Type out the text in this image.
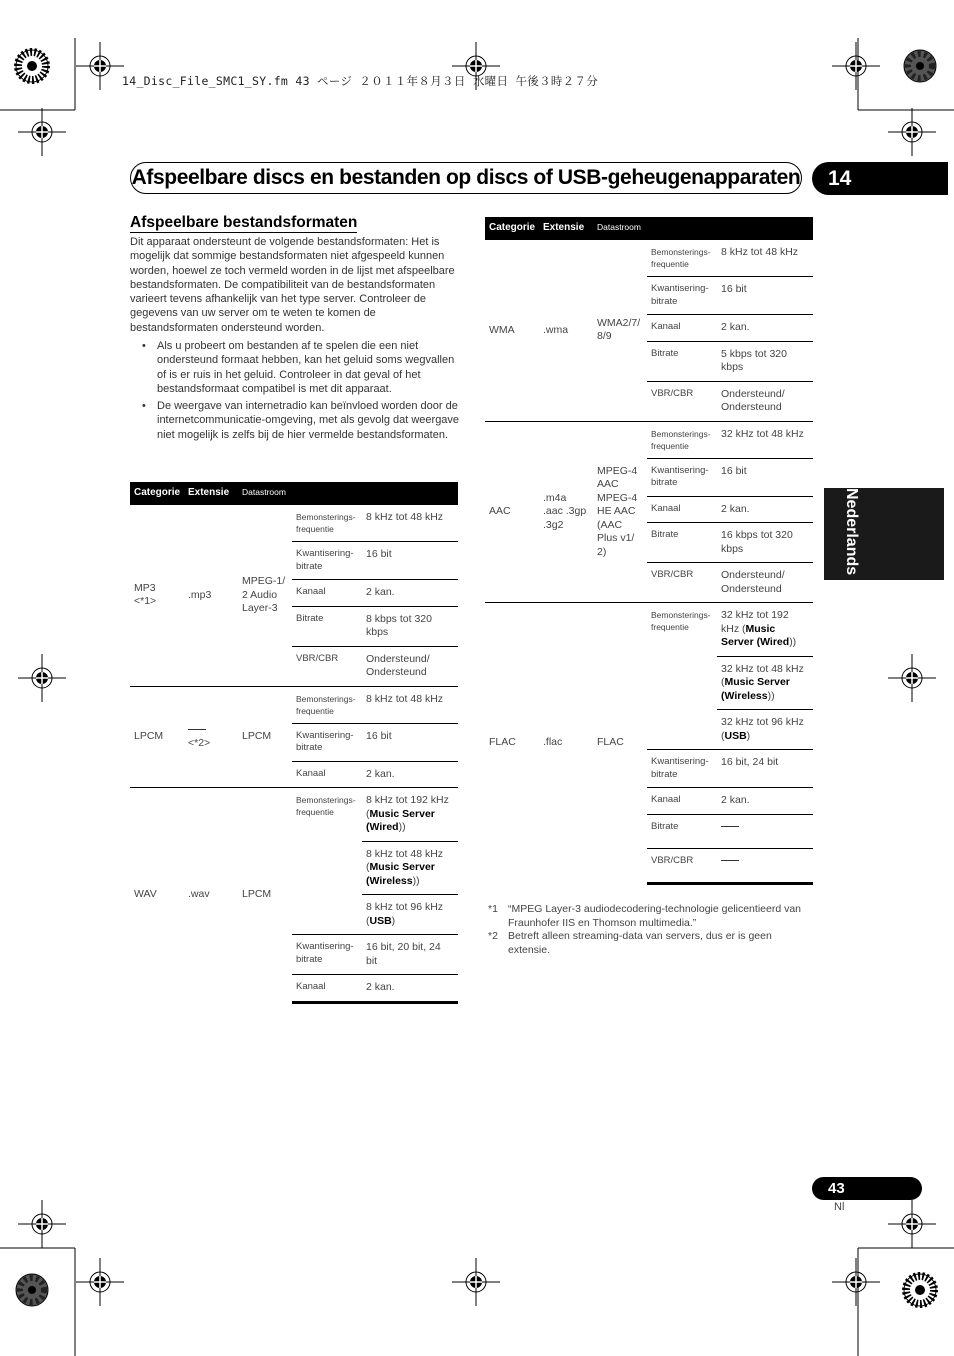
14_Disc_File_SMC1_SY.fm 43 ページ ２０１１年８月３日 水曜日 午後３時２７分
Afspeelbare discs en bestanden op discs of USB-geheugenapparaten	14
Nederlands
Afspeelbare bestandsformaten
Dit apparaat ondersteunt de volgende bestandsformaten: Het is mogelijk dat sommige bestandsformaten niet afgespeeld kunnen worden, hoewel ze toch vermeld worden in de lijst met afspeelbare bestandsformaten. De compatibiliteit van de bestandsformaten varieert tevens afhankelijk van het type server. Controleer de gegevens van uw server om te weten te komen de bestandsformaten ondersteund worden.
• Als u probeert om bestanden af te spelen die een niet ondersteund formaat hebben, kan het geluid soms wegvallen of is er ruis in het geluid. Controleer in dat geval of het bestandsformaat compatibel is met dit apparaat.
• De weergave van internetradio kan beïnvloed worden door de internetcommunicatie-omgeving, met als gevolg dat weergave niet mogelijk is zelfs bij de hier vermelde bestandsformaten.
Categorie	Extensie	Datastroom		
MP3 <*1>	.mp3	MPEG-1/ 2 Audio Layer-3	Bemonsterings-frequentie	8 kHz tot 48 kHz
			Kwantisering-bitrate	16 bit
			Kanaal	2 kan.
			Bitrate	8 kbps tot 320 kbps
			VBR/CBR	Ondersteund/ Ondersteund
LPCM	<*2>	LPCM	Bemonsterings-frequentie	8 kHz tot 48 kHz
			Kwantisering-bitrate	16 bit
			Kanaal	2 kan.
WAV	.wav	LPCM	Bemonsterings-frequentie	8 kHz tot 192 kHz (Music Server (Wired))
				8 kHz tot 48 kHz (Music Server (Wireless))
				8 kHz tot 96 kHz (USB)
			Kwantisering-bitrate	16 bit, 20 bit, 24 bit
			Kanaal	2 kan.
Categorie	Extensie	Datastroom		
WMA	.wma	WMA2/7/ 8/9	Bemonsterings-frequentie	8 kHz tot 48 kHz
			Kwantisering-bitrate	16 bit
			Kanaal	2 kan.
			Bitrate	5 kbps tot 320 kbps
			VBR/CBR	Ondersteund/ Ondersteund
AAC	.m4a .aac .3gp .3g2	MPEG-4 AAC MPEG-4 HE AAC (AAC Plus v1/ 2)	Bemonsterings-frequentie	32 kHz tot 48 kHz
			Kwantisering-bitrate	16 bit
			Kanaal	2 kan.
			Bitrate	16 kbps tot 320 kbps
			VBR/CBR	Ondersteund/ Ondersteund
FLAC	.flac	FLAC	Bemonsterings-frequentie	32 kHz tot 192 kHz (Music Server (Wired))
				32 kHz tot 48 kHz (Music Server (Wireless))
				32 kHz tot 96 kHz (USB)
			Kwantisering-bitrate	16 bit, 24 bit
			Kanaal	2 kan.
			Bitrate	
			VBR/CBR	
*1 “MPEG Layer-3 audiodecodering-technologie gelicentieerd van Fraunhofer IIS en Thomson multimedia.”
*2 Betreft alleen streaming-data van servers, dus er is geen extensie.
43
Nl
